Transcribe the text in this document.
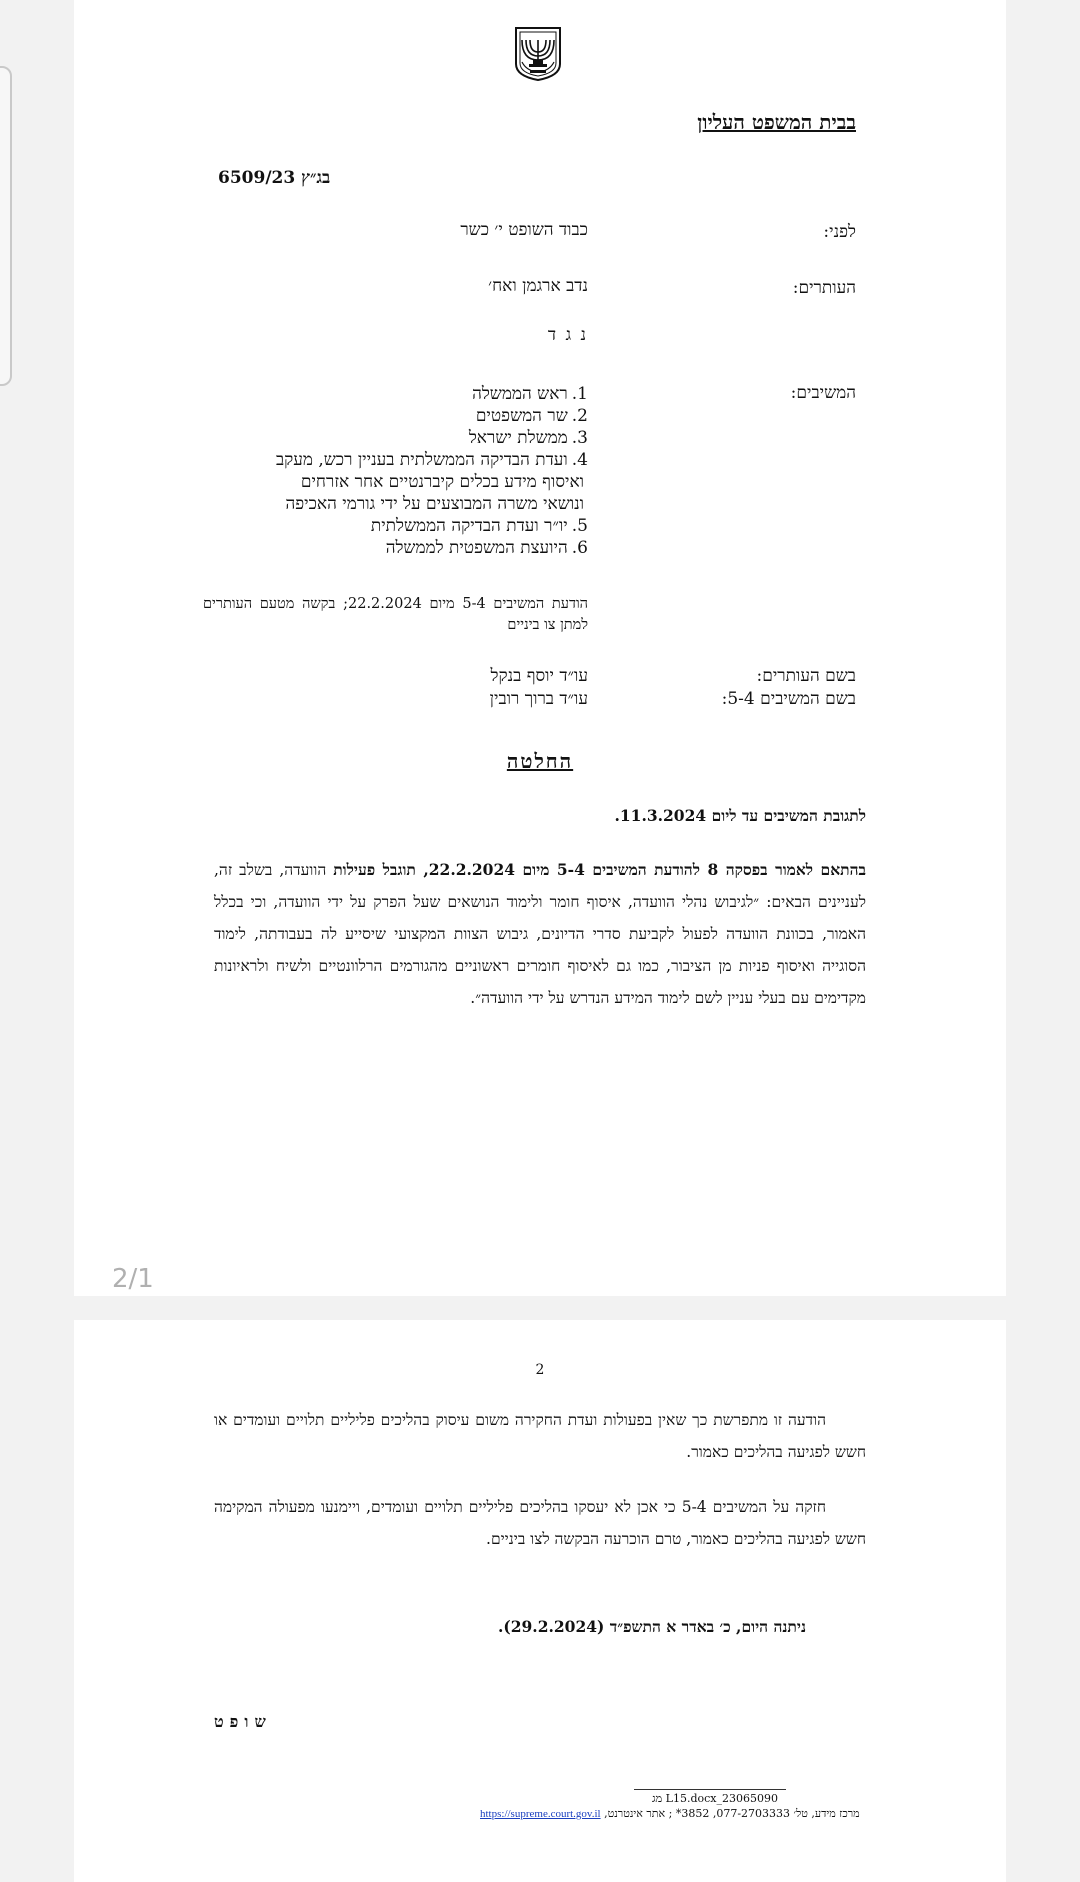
בבית המשפט העליון
בג״ץ 6509/23
לפני:
כבוד השופט י׳ כשר
העותרים:
נדב ארגמן ואח׳
נ ג ד
המשיבים:
1.ראש הממשלה
2.שר המשפטים
3.ממשלת ישראל
4.ועדת הבדיקה הממשלתית בעניין רכש, מעקב
ואיסוף מידע בכלים קיברנטיים אחר אזרחים
ונושאי משרה המבוצעים על ידי גורמי האכיפה
5.יו״ר ועדת הבדיקה הממשלתית
6.היועצת המשפטית לממשלה
הודעת המשיבים 5-4 מיום 22.2.2024; בקשה מטעם העותרים למתן צו ביניים
בשם העותרים:
עו״ד יוסף בנקל
בשם המשיבים 5-4:
עו״ד ברוך רובין
החלטה
לתגובת המשיבים עד ליום 11.3.2024.
בהתאם לאמור בפסקה 8 להודעת המשיבים 5-4 מיום 22.2.2024, תוגבל פעילות הוועדה, בשלב זה, לעניינים הבאים: ״לגיבוש נהלי הוועדה, איסוף חומר ולימוד הנושאים שעל הפרק על ידי הוועדה, וכי בכלל האמור, בכוונת הוועדה לפעול לקביעת סדרי הדיונים, גיבוש הצוות המקצועי שיסייע לה בעבודתה, לימוד הסוגייה ואיסוף פניות מן הציבור, כמו גם לאיסוף חומרים ראשוניים מהגורמים הרלוונטיים ולשיח ולראיונות מקדימים עם בעלי עניין לשם לימוד המידע הנדרש על ידי הוועדה״.
2/1
2
הודעה זו מתפרשת כך שאין בפעולות ועדת החקירה משום עיסוק בהליכים פליליים תלויים ועומדים או חשש לפגיעה בהליכים כאמור.
חזקה על המשיבים 5-4 כי אכן לא יעסקו בהליכים פליליים תלויים ועומדים, ויימנעו מפעולה המקימה חשש לפגיעה בהליכים כאמור, טרם הוכרעה הבקשה לצו ביניים.
ניתנה היום, כ׳ באדר א התשפ״ד (29.2.2024).
שופט
23065090_L15.docx מג
מרכז מידע, טל׳ 077-2703333, 3852* ; אתר אינטרנט, https://supreme.court.gov.il
